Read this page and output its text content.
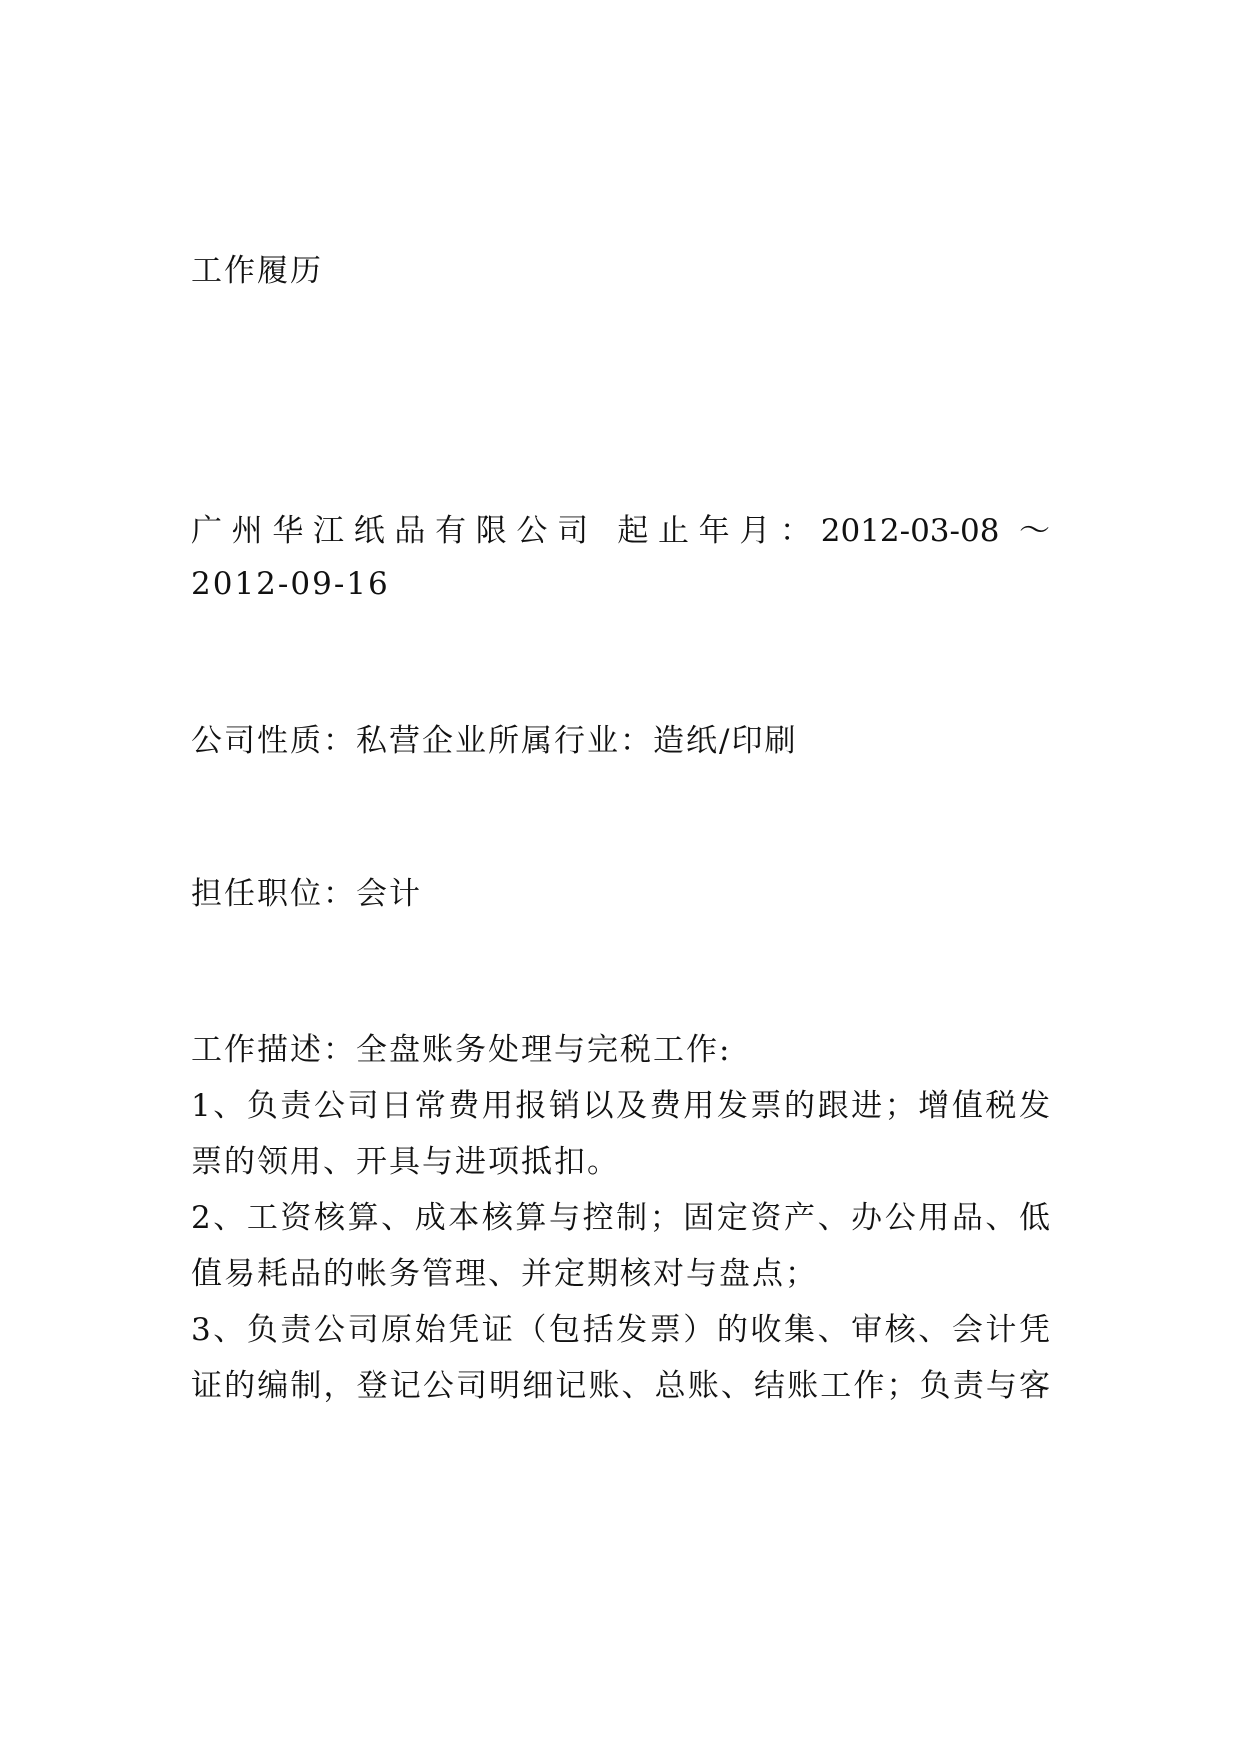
工作履历
广州华江纸品有限公司 起止年月：2012-03-08 ～
2012-09-16
公司性质：私营企业所属行业：造纸/印刷
担任职位：会计

工作描述：全盘账务处理与完税工作:

1、负责公司日常费用报销以及费用发票的跟进；增值税发

票的领用、开具与进项抵扣。

2、工资核算、成本核算与控制；固定资产、办公用品、低

值易耗品的帐务管理、并定期核对与盘点；

3、负责公司原始凭证（包括发票）的收集、审核、会计凭

证的编制，登记公司明细记账、总账、结账工作；负责与客
